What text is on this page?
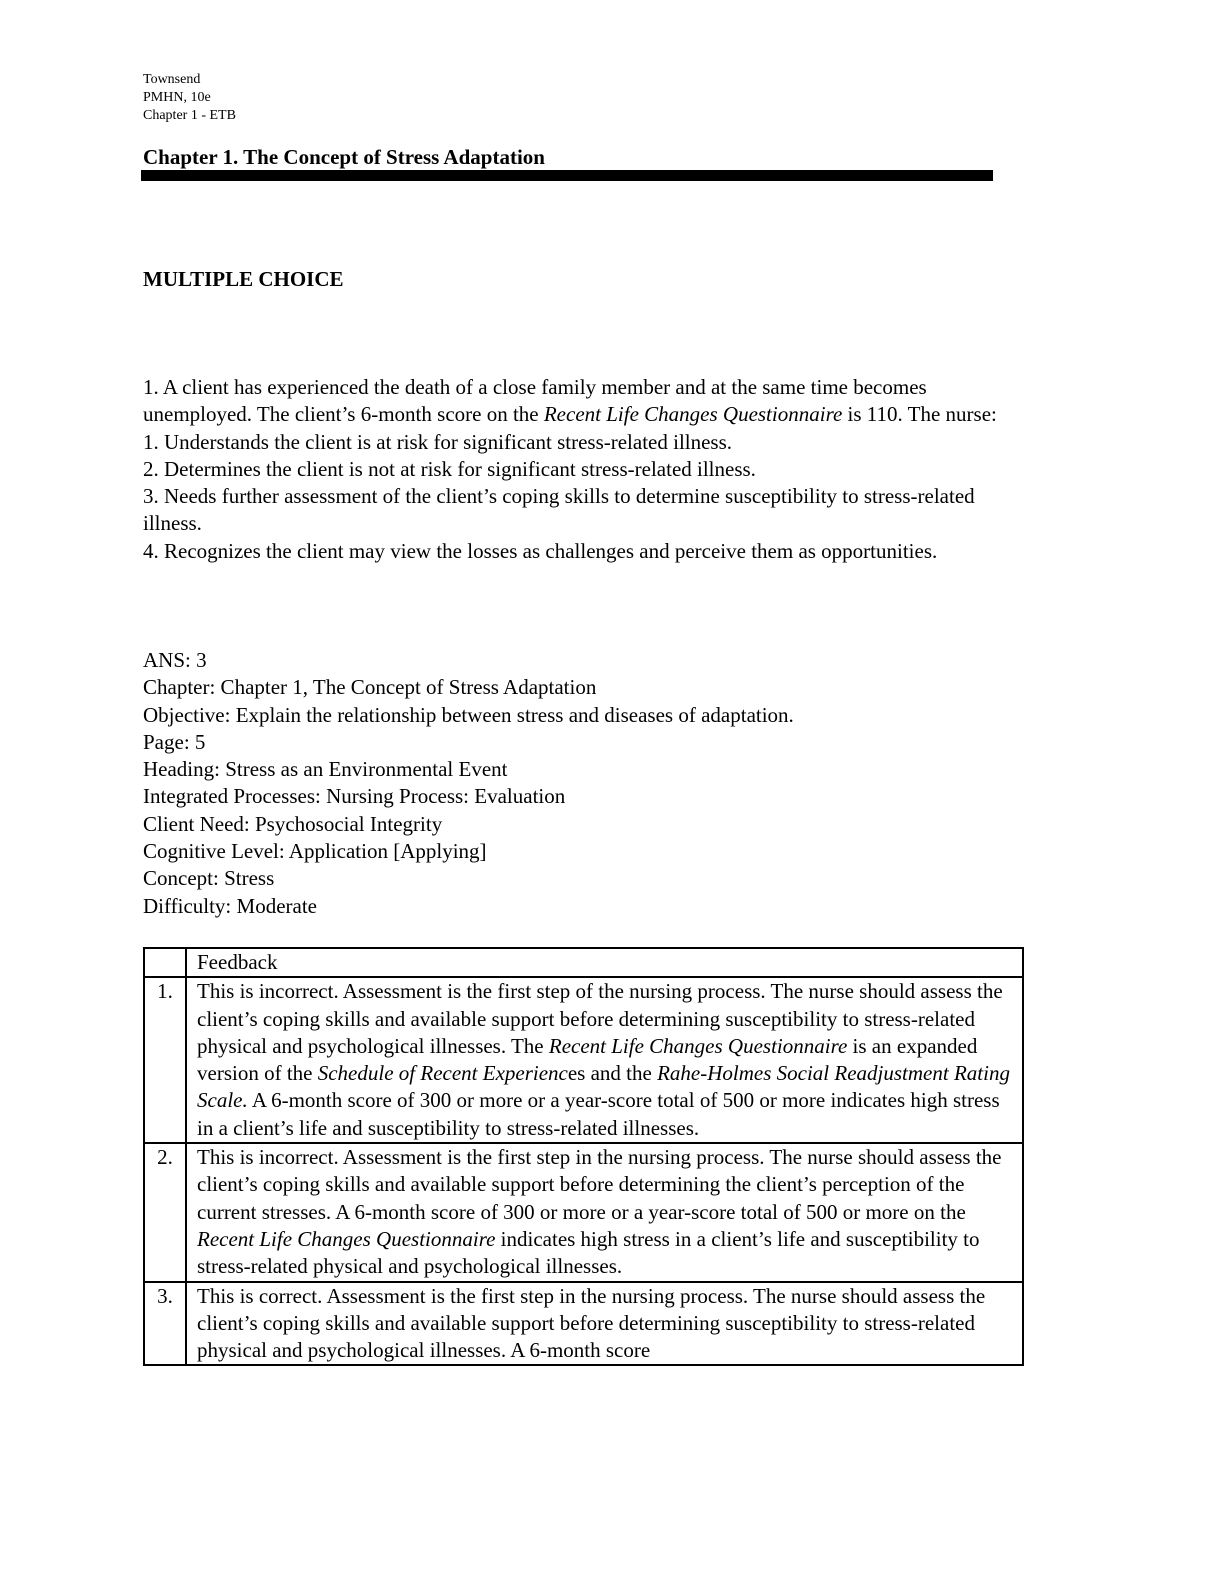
Townsend
PMHN, 10e
Chapter 1 - ETB
Chapter 1. The Concept of Stress Adaptation
MULTIPLE CHOICE

1. A client has experienced the death of a close family member and at the same time becomes unemployed. The client’s 6-month score on the Recent Life Changes Questionnaire is 110. The nurse:

1. Understands the client is at risk for significant stress-related illness.

2. Determines the client is not at risk for significant stress-related illness.

3. Needs further assessment of the client’s coping skills to determine susceptibility to stress-related illness.

4. Recognizes the client may view the losses as challenges and perceive them as opportunities.

ANS: 3
Chapter: Chapter 1, The Concept of Stress Adaptation
Objective: Explain the relationship between stress and diseases of adaptation.
Page: 5
Heading: Stress as an Environmental Event
Integrated Processes: Nursing Process: Evaluation
Client Need: Psychosocial Integrity
Cognitive Level: Application [Applying]
Concept: Stress
Difficulty: Moderate
	Feedback
1.	This is incorrect. Assessment is the first step of the nursing process. The nurse should assess the client’s coping skills and available support before determining susceptibility to stress-related physical and psychological illnesses. The Recent Life Changes Questionnaire is an expanded version of the Schedule of Recent Experiences and the Rahe-Holmes Social Readjustment Rating Scale. A 6-month score of 300 or more or a year-score total of 500 or more indicates high stress in a client’s life and susceptibility to stress-related illnesses.
2.	This is incorrect. Assessment is the first step in the nursing process. The nurse should assess the client’s coping skills and available support before determining the client’s perception of the current stresses. A 6-month score of 300 or more or a year-score total of 500 or more on the Recent Life Changes Questionnaire indicates high stress in a client’s life and susceptibility to stress-related physical and psychological illnesses.
3.	This is correct. Assessment is the first step in the nursing process. The nurse should assess the client’s coping skills and available support before determining susceptibility to stress-related physical and psychological illnesses. A 6-month score
